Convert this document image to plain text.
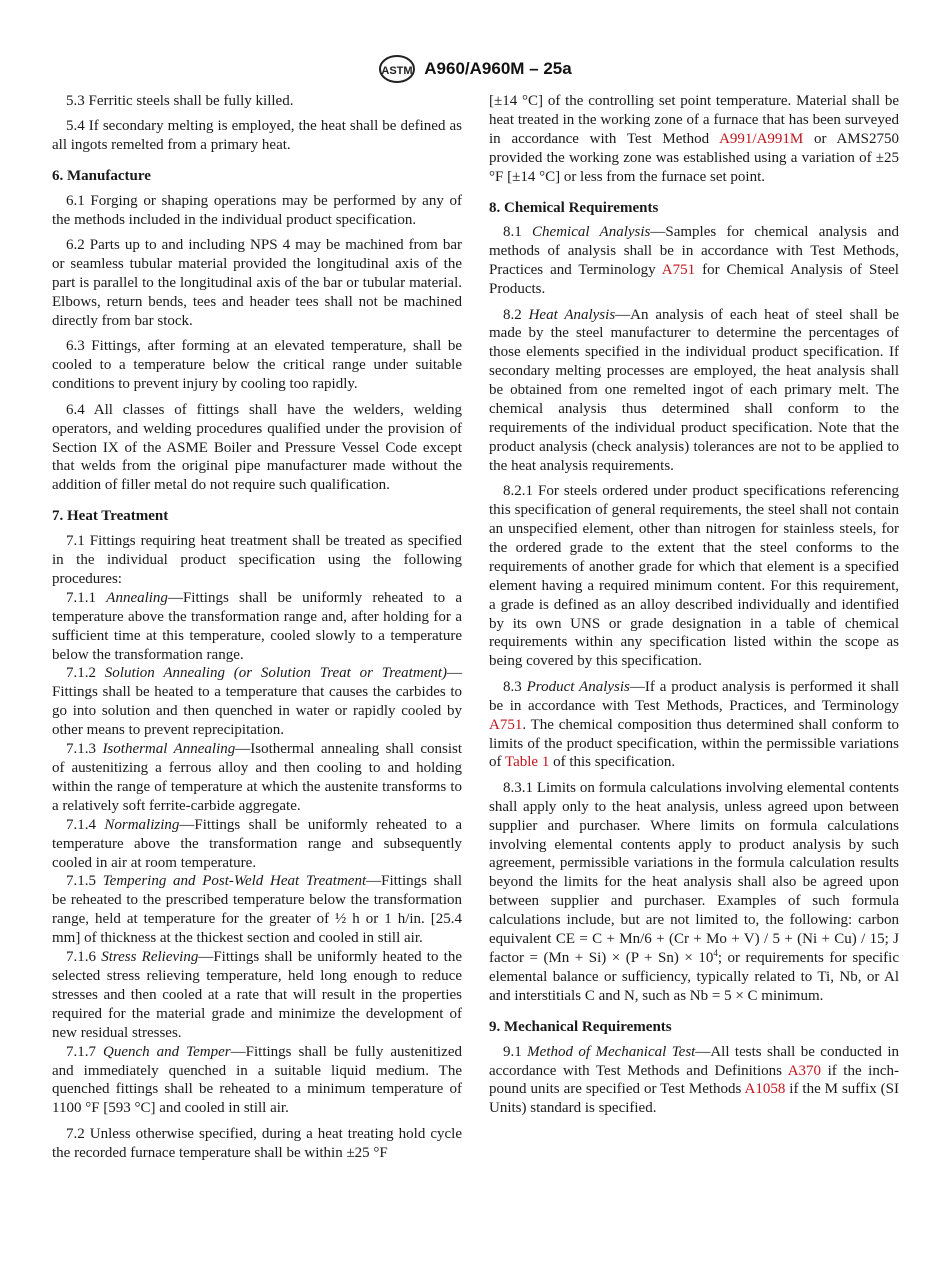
ASTM A960/A960M – 25a

5.3 Ferritic steels shall be fully killed.

5.4 If secondary melting is employed, the heat shall be defined as all ingots remelted from a primary heat.

6. Manufacture

6.1 Forging or shaping operations may be performed by any of the methods included in the individual product specification.

6.2 Parts up to and including NPS 4 may be machined from bar or seamless tubular material provided the longitudinal axis of the part is parallel to the longitudinal axis of the bar or tubular material. Elbows, return bends, tees and header tees shall not be machined directly from bar stock.

6.3 Fittings, after forming at an elevated temperature, shall be cooled to a temperature below the critical range under suitable conditions to prevent injury by cooling too rapidly.

6.4 All classes of fittings shall have the welders, welding operators, and welding procedures qualified under the provision of Section IX of the ASME Boiler and Pressure Vessel Code except that welds from the original pipe manufacturer made without the addition of filler metal do not require such qualification.

7. Heat Treatment

7.1 Fittings requiring heat treatment shall be treated as specified in the individual product specification using the following procedures:

7.1.1 Annealing—Fittings shall be uniformly reheated to a temperature above the transformation range and, after holding for a sufficient time at this temperature, cooled slowly to a temperature below the transformation range.

7.1.2 Solution Annealing (or Solution Treat or Treatment)—Fittings shall be heated to a temperature that causes the carbides to go into solution and then quenched in water or rapidly cooled by other means to prevent reprecipitation.

7.1.3 Isothermal Annealing—Isothermal annealing shall consist of austenitizing a ferrous alloy and then cooling to and holding within the range of temperature at which the austenite transforms to a relatively soft ferrite-carbide aggregate.

7.1.4 Normalizing—Fittings shall be uniformly reheated to a temperature above the transformation range and subsequently cooled in air at room temperature.

7.1.5 Tempering and Post-Weld Heat Treatment—Fittings shall be reheated to the prescribed temperature below the transformation range, held at temperature for the greater of ½ h or 1 h/in. [25.4 mm] of thickness at the thickest section and cooled in still air.

7.1.6 Stress Relieving—Fittings shall be uniformly heated to the selected stress relieving temperature, held long enough to reduce stresses and then cooled at a rate that will result in the properties required for the material grade and minimize the development of new residual stresses.

7.1.7 Quench and Temper—Fittings shall be fully austenitized and immediately quenched in a suitable liquid medium. The quenched fittings shall be reheated to a minimum temperature of 1100 °F [593 °C] and cooled in still air.

7.2 Unless otherwise specified, during a heat treating hold cycle the recorded furnace temperature shall be within ±25 °F

[±14 °C] of the controlling set point temperature. Material shall be heat treated in the working zone of a furnace that has been surveyed in accordance with Test Method A991/A991M or AMS2750 provided the working zone was established using a variation of ±25 °F [±14 °C] or less from the furnace set point.

8. Chemical Requirements

8.1 Chemical Analysis—Samples for chemical analysis and methods of analysis shall be in accordance with Test Methods, Practices and Terminology A751 for Chemical Analysis of Steel Products.

8.2 Heat Analysis—An analysis of each heat of steel shall be made by the steel manufacturer to determine the percentages of those elements specified in the individual product specification. If secondary melting processes are employed, the heat analysis shall be obtained from one remelted ingot of each primary melt. The chemical analysis thus determined shall conform to the requirements of the individual product specification. Note that the product analysis (check analysis) tolerances are not to be applied to the heat analysis requirements.

8.2.1 For steels ordered under product specifications referencing this specification of general requirements, the steel shall not contain an unspecified element, other than nitrogen for stainless steels, for the ordered grade to the extent that the steel conforms to the requirements of another grade for which that element is a specified element having a required minimum content. For this requirement, a grade is defined as an alloy described individually and identified by its own UNS or grade designation in a table of chemical requirements within any specification listed within the scope as being covered by this specification.

8.3 Product Analysis—If a product analysis is performed it shall be in accordance with Test Methods, Practices, and Terminology A751. The chemical composition thus determined shall conform to limits of the product specification, within the permissible variations of Table 1 of this specification.

8.3.1 Limits on formula calculations involving elemental contents shall apply only to the heat analysis, unless agreed upon between supplier and purchaser. Where limits on formula calculations involving elemental contents apply to product analysis by such agreement, permissible variations in the formula calculation results beyond the limits for the heat analysis shall also be agreed upon between supplier and purchaser. Examples of such formula calculations include, but are not limited to, the following: carbon equivalent CE = C + Mn/6 + (Cr + Mo + V) / 5 + (Ni + Cu) / 15; J factor = $(Mn + Si) \times (P + Sn) \times 10^4$; or requirements for specific elemental balance or sufficiency, typically related to Ti, Nb, or Al and interstitials C and N, such as Nb = 5 × C minimum.

9. Mechanical Requirements

9.1 Method of Mechanical Test—All tests shall be conducted in accordance with Test Methods and Definitions A370 if the inch-pound units are specified or Test Methods A1058 if the M suffix (SI Units) standard is specified.
